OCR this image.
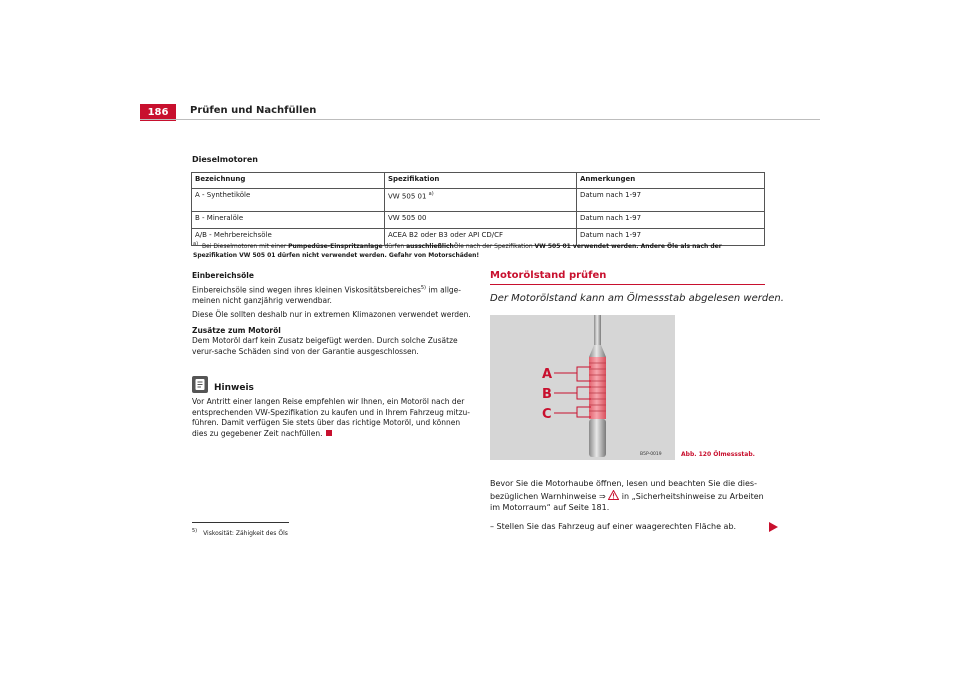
186	Prüfen und Nachfüllen
Dieselmotoren
Bezeichnung	Spezifikation	Anmerkungen
A - Synthetiköle	VW 505 01 $^{a)}$	Datum nach 1-97
B - Mineralöle	VW 505 00	Datum nach 1-97
A/B - Mehrbereichsöle	ACEA B2 oder B3 oder API CD/CF	Datum nach 1-97
$^{a)}$ Bei Dieselmotoren mit einer Pumpedüse-Einspritzanlage dürfen ausschließlichÖle nach der Spezifikation VW 505 01 verwendet werden. Andere Öle als nach der Spezifikation VW 505 01 dürfen nicht verwendet werden. Gefahr von Motorschäden!
Einbereichsöle
Einbereichsöle sind wegen ihres kleinen Viskositätsbereiches$^{5)}$ im allge-meinen nicht ganzjährig verwendbar.
Diese Öle sollten deshalb nur in extremen Klimazonen verwendet werden.
Zusätze zum Motoröl
Dem Motoröl darf kein Zusatz beigefügt werden. Durch solche Zusätze verur-sache Schäden sind von der Garantie ausgeschlossen.
Hinweis
Vor Antritt einer langen Reise empfehlen wir Ihnen, ein Motoröl nach der entsprechenden VW-Spezifikation zu kaufen und in Ihrem Fahrzeug mitzu-führen. Damit verfügen Sie stets über das richtige Motoröl, und können dies zu gegebener Zeit nachfüllen.
$^{5)}$ Viskosität: Zähigkeit des Öls
Motorölstand prüfen
Der Motorölstand kann am Ölmessstab abgelesen werden.
A
B
C
B5P-0019	Abb. 120 Ölmessstab.
Bevor Sie die Motorhaube öffnen, lesen und beachten Sie die dies-bezüglichen Warnhinweise ⇒  in „Sicherheitshinweise zu Arbeiten im Motorraum“ auf Seite 181.
– Stellen Sie das Fahrzeug auf einer waagerechten Fläche ab.
